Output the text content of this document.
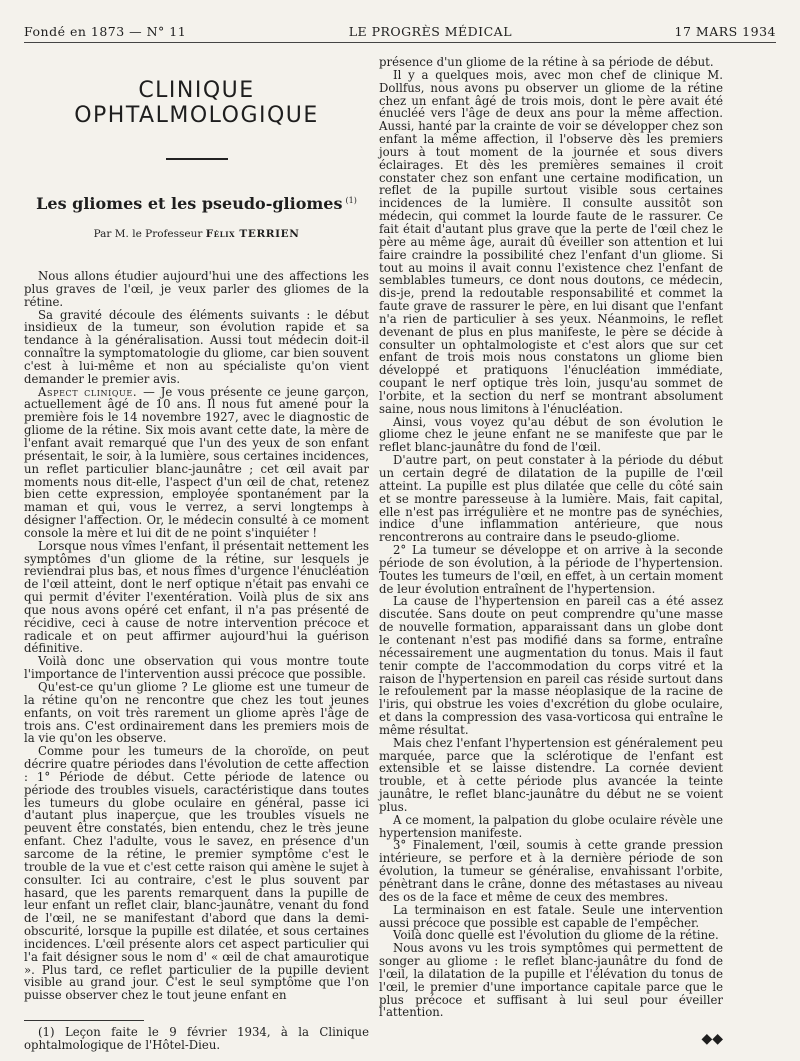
Fondé en 1873 — N° 11	LE PROGRÈS MÉDICAL	17 MARS 1934
CLINIQUE OPHTALMOLOGIQUE
Les gliomes et les pseudo-gliomes $^{(1)}$
Par M. le Professeur Félix TERRIEN

Nous allons étudier aujourd'hui une des affections les plus graves de l'œil, je veux parler des gliomes de la rétine.

Sa gravité découle des éléments suivants : le début insidieux de la tumeur, son évolution rapide et sa tendance à la généralisation. Aussi tout médecin doit-il connaître la symptomatologie du gliome, car bien souvent c'est à lui-même et non au spécialiste qu'on vient demander le premier avis.

Aspect clinique. — Je vous présente ce jeune garçon, actuellement âgé de 10 ans. Il nous fut amené pour la première fois le 14 novembre 1927, avec le diagnostic de gliome de la rétine. Six mois avant cette date, la mère de l'enfant avait remarqué que l'un des yeux de son enfant présentait, le soir, à la lumière, sous certaines incidences, un reflet particulier blanc-jaunâtre ; cet œil avait par moments nous dit-elle, l'aspect d'un œil de chat, retenez bien cette expression, employée spontanément par la maman et qui, vous le verrez, a servi longtemps à désigner l'affection. Or, le médecin consulté à ce moment console la mère et lui dit de ne point s'inquiéter !

Lorsque nous vîmes l'enfant, il présentait nettement les symptômes d'un gliome de la rétine, sur lesquels je reviendrai plus bas, et nous fîmes d'urgence l'énucléation de l'œil atteint, dont le nerf optique n'était pas envahi ce qui permit d'éviter l'exentération. Voilà plus de six ans que nous avons opéré cet enfant, il n'a pas présenté de récidive, ceci à cause de notre intervention précoce et radicale et on peut affirmer aujourd'hui la guérison définitive.

Voilà donc une observation qui vous montre toute l'importance de l'intervention aussi précoce que possible.

Qu'est-ce qu'un gliome ? Le gliome est une tumeur de la rétine qu'on ne rencontre que chez les tout jeunes enfants, on voit très rarement un gliome après l'âge de trois ans. C'est ordinairement dans les premiers mois de la vie qu'on les observe.

Comme pour les tumeurs de la choroïde, on peut décrire quatre périodes dans l'évolution de cette affection : 1° Période de début. Cette période de latence ou période des troubles visuels, caractéristique dans toutes les tumeurs du globe oculaire en général, passe ici d'autant plus inaperçue, que les troubles visuels ne peuvent être constatés, bien entendu, chez le très jeune enfant. Chez l'adulte, vous le savez, en présence d'un sarcome de la rétine, le premier symptôme c'est le trouble de la vue et c'est cette raison qui amène le sujet à consulter. Ici au contraire, c'est le plus souvent par hasard, que les parents remarquent dans la pupille de leur enfant un reflet clair, blanc-jaunâtre, venant du fond de l'œil, ne se manifestant d'abord que dans la demi-obscurité, lorsque la pupille est dilatée, et sous certaines incidences. L'œil présente alors cet aspect particulier qui l'a fait désigner sous le nom d' « œil de chat amaurotique ». Plus tard, ce reflet particulier de la pupille devient visible au grand jour. C'est le seul symptôme que l'on puisse observer chez le tout jeune enfant en

(1) Leçon faite le 9 février 1934, à la Clinique ophtalmologique de l'Hôtel-Dieu.

présence d'un gliome de la rétine à sa période de début.

Il y a quelques mois, avec mon chef de clinique M. Dollfus, nous avons pu observer un gliome de la rétine chez un enfant âgé de trois mois, dont le père avait été énucléé vers l'âge de deux ans pour la même affection. Aussi, hanté par la crainte de voir se développer chez son enfant la même affection, il l'observe dès les premiers jours à tout moment de la journée et sous divers éclairages. Et dès les premières semaines il croit constater chez son enfant une certaine modification, un reflet de la pupille surtout visible sous certaines incidences de la lumière. Il consulte aussitôt son médecin, qui commet la lourde faute de le rassurer. Ce fait était d'autant plus grave que la perte de l'œil chez le père au même âge, aurait dû éveiller son attention et lui faire craindre la possibilité chez l'enfant d'un gliome. Si tout au moins il avait connu l'existence chez l'enfant de semblables tumeurs, ce dont nous doutons, ce médecin, dis-je, prend la redoutable responsabilité et commet la faute grave de rassurer le père, en lui disant que l'enfant n'a rien de particulier à ses yeux. Néanmoins, le reflet devenant de plus en plus manifeste, le père se décide à consulter un ophtalmologiste et c'est alors que sur cet enfant de trois mois nous constatons un gliome bien développé et pratiquons l'énucléation immédiate, coupant le nerf optique très loin, jusqu'au sommet de l'orbite, et la section du nerf se montrant absolument saine, nous nous limitons à l'énucléation.

Ainsi, vous voyez qu'au début de son évolution le gliome chez le jeune enfant ne se manifeste que par le reflet blanc-jaunâtre du fond de l'œil.

D'autre part, on peut constater à la période du début un certain degré de dilatation de la pupille de l'œil atteint. La pupille est plus dilatée que celle du côté sain et se montre paresseuse à la lumière. Mais, fait capital, elle n'est pas irrégulière et ne montre pas de synéchies, indice d'une inflammation antérieure, que nous rencontrerons au contraire dans le pseudo-gliome.

2° La tumeur se développe et on arrive à la seconde période de son évolution, à la période de l'hypertension. Toutes les tumeurs de l'œil, en effet, à un certain moment de leur évolution entraînent de l'hypertension.

La cause de l'hypertension en pareil cas a été assez discutée. Sans doute on peut comprendre qu'une masse de nouvelle formation, apparaissant dans un globe dont le contenant n'est pas modifié dans sa forme, entraîne nécessairement une augmentation du tonus. Mais il faut tenir compte de l'accommodation du corps vitré et la raison de l'hypertension en pareil cas réside surtout dans le refoulement par la masse néoplasique de la racine de l'iris, qui obstrue les voies d'excrétion du globe oculaire, et dans la compression des vasa-vorticosa qui entraîne le même résultat.

Mais chez l'enfant l'hypertension est généralement peu marquée, parce que la sclérotique de l'enfant est extensible et se laisse distendre. La cornée devient trouble, et à cette période plus avancée la teinte jaunâtre, le reflet blanc-jaunâtre du début ne se voient plus.

A ce moment, la palpation du globe oculaire révèle une hypertension manifeste.

3° Finalement, l'œil, soumis à cette grande pression intérieure, se perfore et à la dernière période de son évolution, la tumeur se généralise, envahissant l'orbite, pénètrant dans le crâne, donne des métastases au niveau des os de la face et même de ceux des membres.

La terminaison en est fatale. Seule une intervention aussi précoce que possible est capable de l'empêcher.

Voilà donc quelle est l'évolution du gliome de la rétine.

Nous avons vu les trois symptômes qui permettent de songer au gliome : le reflet blanc-jaunâtre du fond de l'œil, la dilatation de la pupille et l'élévation du tonus de l'œil, le premier d'une importance capitale parce que le plus précoce et suffisant à lui seul pour éveiller l'attention.

◆◆
